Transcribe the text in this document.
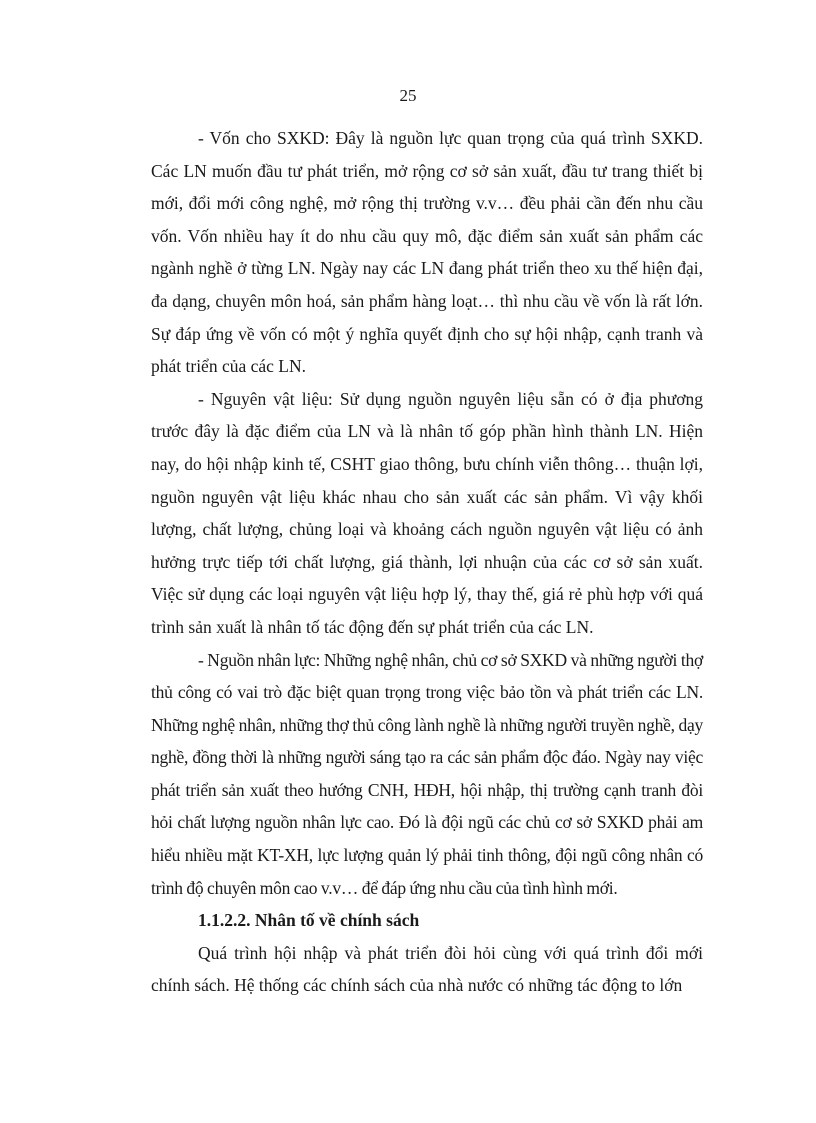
25

- Vốn cho SXKD: Đây là nguồn lực quan trọng của quá trình SXKD. Các LN muốn đầu tư phát triển, mở rộng cơ sở sản xuất, đầu tư trang thiết bị mới, đổi mới công nghệ, mở rộng thị trường v.v… đều phải cần đến nhu cầu vốn. Vốn nhiều hay ít do nhu cầu quy mô, đặc điểm sản xuất sản phẩm các ngành nghề ở từng LN. Ngày nay các LN đang phát triển theo xu thế hiện đại, đa dạng, chuyên môn hoá, sản phẩm hàng loạt… thì nhu cầu về vốn là rất lớn. Sự đáp ứng về vốn có một ý nghĩa quyết định cho sự hội nhập, cạnh tranh và phát triển của các LN.

- Nguyên vật liệu: Sử dụng nguồn nguyên liệu sẵn có ở địa phương trước đây là đặc điểm của LN và là nhân tố góp phần hình thành LN. Hiện nay, do hội nhập kinh tế, CSHT giao thông, bưu chính viễn thông… thuận lợi, nguồn nguyên vật liệu khác nhau cho sản xuất các sản phẩm. Vì vậy khối lượng, chất lượng, chủng loại và khoảng cách nguồn nguyên vật liệu có ảnh hưởng trực tiếp tới chất lượng, giá thành, lợi nhuận của các cơ sở sản xuất. Việc sử dụng các loại nguyên vật liệu hợp lý, thay thế, giá rẻ phù hợp với quá trình sản xuất là nhân tố tác động đến sự phát triển của các LN.

- Nguồn nhân lực: Những nghệ nhân, chủ cơ sở SXKD và những người thợ thủ công có vai trò đặc biệt quan trọng trong việc bảo tồn và phát triển các LN. Những nghệ nhân, những thợ thủ công lành nghề là những người truyền nghề, dạy nghề, đồng thời là những người sáng tạo ra các sản phẩm độc đáo. Ngày nay việc phát triển sản xuất theo hướng CNH, HĐH, hội nhập, thị trường cạnh tranh đòi hỏi chất lượng nguồn nhân lực cao. Đó là đội ngũ các chủ cơ sở SXKD phải am hiểu nhiều mặt KT-XH, lực lượng quản lý phải tinh thông, đội ngũ công nhân có trình độ chuyên môn cao v.v… để đáp ứng nhu cầu của tình hình mới.

1.1.2.2. Nhân tố về chính sách

Quá trình hội nhập và phát triển đòi hỏi cùng với quá trình đổi mới chính sách. Hệ thống các chính sách của nhà nước có những tác động to lớn
